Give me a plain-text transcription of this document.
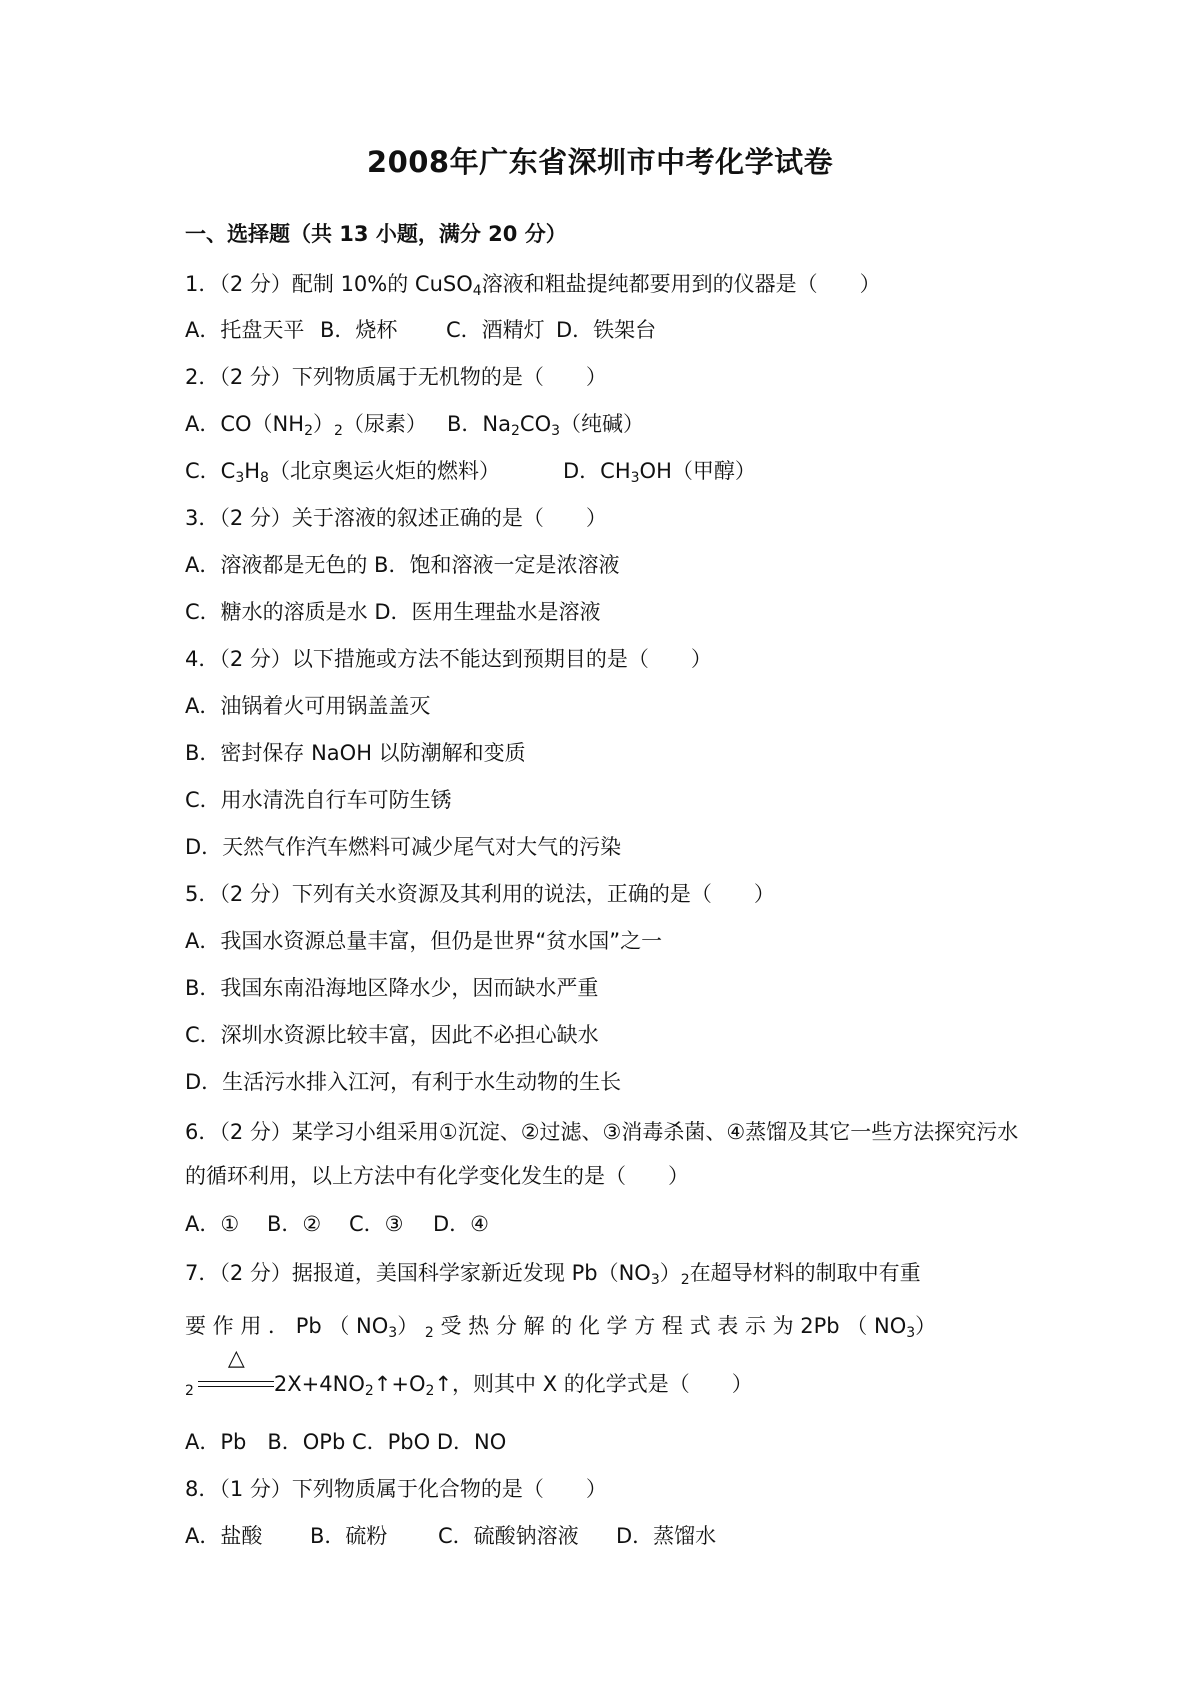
2008年广东省深圳市中考化学试卷
一、选择题（共 13 小题，满分 20 分）
1．（2 分）配制 10%的 CuSO$_4$溶液和粗盐提纯都要用到的仪器是（　　）
A．托盘天平 B．烧杯 C．酒精灯 D．铁架台
2．（2 分）下列物质属于无机物的是（　　）
A．$CO(NH_2)_2$（尿素） B．$Na_2CO_3$（纯碱）
C．$C_3H_8$（北京奥运火炬的燃料）	D．$CH_3OH$（甲醇）
3．（2 分）关于溶液的叙述正确的是（　　）
A．溶液都是无色的 B．饱和溶液一定是浓溶液
C．糖水的溶质是水 D．医用生理盐水是溶液
4．（2 分）以下措施或方法不能达到预期目的是（　　）
A．油锅着火可用锅盖盖灭
B．密封保存 NaOH 以防潮解和变质
C．用水清洗自行车可防生锈
D．天然气作汽车燃料可减少尾气对大气的污染
5．（2 分）下列有关水资源及其利用的说法，正确的是（　　）
A．我国水资源总量丰富，但仍是世界“贫水国”之一
B．我国东南沿海地区降水少，因而缺水严重
C．深圳水资源比较丰富，因此不必担心缺水
D．生活污水排入江河，有利于水生动物的生长
6．（2 分）某学习小组采用①沉淀、②过滤、③消毒杀菌、④蒸馏及其它一些方法探究污水的循环利用，以上方法中有化学变化发生的是（　　）
A．① B．② C．③ D．④
7．（2 分）据报道，美国科学家新近发现 $Pb(NO_3)_2$在超导材料的制取中有重
要 作 用 ． Pb （ $NO_3$） $_2$ 受 热 分 解 的 化 学 方 程 式 表 示 为 2Pb （ $NO_3$）
$_2$
△
$2X+4NO_2↑+O_2↑$，则其中 X 的化学式是（　　）
A．Pb　B．OPb C．PbO D．NO
8．（1 分）下列物质属于化合物的是（　　）
A．盐酸 B．硫粉 C．硫酸钠溶液 D．蒸馏水
